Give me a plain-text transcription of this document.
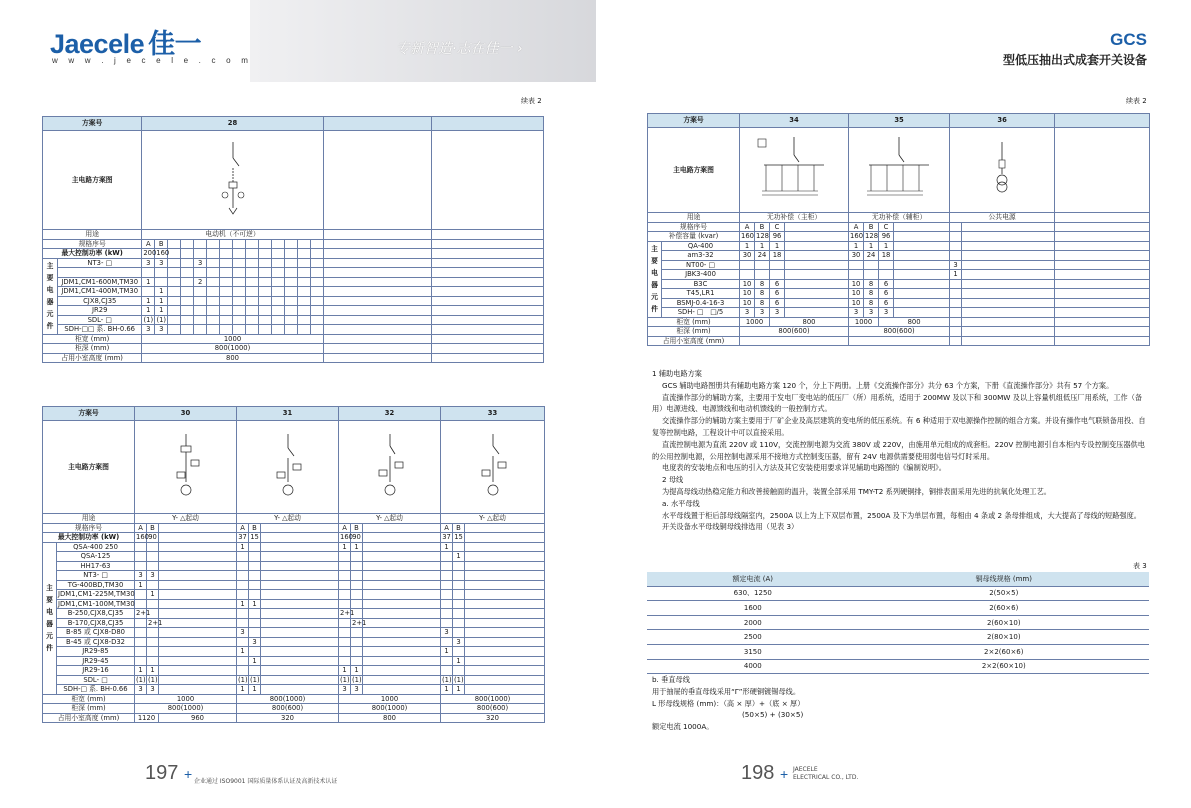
Jaecele 佳一
w w w . j e c e l e . c o m
专新智造·志在佳一 ›	GCS
型低压抽出式成套开关设备
续表 2	续表 2
方案号		28															
主电路方案图	

用途		电动机（不可逆）															
规格序号		A	B														
最大控制功率 (kW)		200	160														
主要电器元件	NT3- □	3	3			3											

	JDM1,CM1-600M,TM30	1				2											
	JDM1,CM1-400M,TM30		1														
	CJX8,CJ35	1	1														
	JR29	1	1														
	SDL- □	(1)	(1)														
	SDH-□□ 系. BH-0.66	3	3														
柜宽 (mm)		1000															
柜深 (mm)		800(1000)															
占用小室高度 (mm)		800															
方案号		30			31			32			33		
主电路方案图	

用途		Y- △起动			Y- △起动			Y- △起动			Y- △起动		
规格序号		A	B		A	B		A	B		A	B	
最大控制功率 (kW)		160	90		37	15		160	90		37	15	
主要电器元件	QSA-400 250				1			1	1		1		
	QSA-125											1	
	HH17-63												
	NT3- □	3	3										
	TG-400BD,TM30	1											
	JDM1,CM1-225M,TM30		1										
	JDM1,CM1-100M,TM30				1	1							
	B-250,CJX8,CJ35	2+1						2+1					
	B-170,CJX8,CJ35		2+1						2+1				
	B-85 或 CJX8-D80				3						3		
	B-45 或 CJX8-D32					3						3	
	JR29-85				1						1		
	JR29-45					1						1	
	JR29-16	1	1					1	1				
	SDL- □	(1)	(1)		(1)	(1)		(1)	(1)		(1)	(1)	
	SDH-□ 系. BH-0.66	3	3		1	1		3	3		1	1	
柜宽 (mm)		1000			800(1000)			1000			800(1000)		
柜深 (mm)		800(1000)			800(600)			800(1000)			800(600)		
占用小室高度 (mm)		1120		960	320			800			320		
方案号		34				35				36		
主电路方案图	

用途		无功补偿（主柜）				无功补偿（辅柜）				公共电源		
规格序号		A	B	C		A	B	C				
补偿容量 (kvar)		160	128	96		160	128	96				
主要电器元件	QA-400	1	1	1		1	1	1				
	am3-32	30	24	18		30	24	18				
	NT00- □									3		
	JBK3-400									1		
	B3C	10	8	6		10	8	6				
	T45,LR1	10	8	6		10	8	6				
	BSMJ-0.4-16-3	10	8	6		10	8	6				
	SDH- □　□/5	3	3	3		3	3	3				
柜宽 (mm)		1000		800		1000		800				
柜深 (mm)		800(600)				800(600)						
占用小室高度 (mm)												

1 辅助电路方案

GCS 辅助电路图册共有辅助电路方案 120 个，分上下两册。上册《交流操作部分》共分 63 个方案，下册《直流操作部分》共有 57 个方案。

直流操作部分的辅助方案，主要用于发电厂变电站的低压厂（所）用系统，适用于 200MW 及以下和 300MW 及以上容量机组低压厂用系统，工作（备用）电源进线、电源馈线和电动机馈线的一般控制方式。

交流操作部分的辅助方案主要用于厂矿企业及高层建筑的变电所的低压系统。有 6 种适用于双电源操作控制的组合方案。并设有操作电气联锁备用投、自复等控制电路，工程设计中可以直接采用。

直流控制电源为直流 220V 或 110V，交流控制电源为交流 380V 或 220V，由施用单元组成的成套柜。220V 控制电源引自本柜内专设控制变压器供电的公用控制电源，公用控制电源采用不接地方式控制变压器，留有 24V 电源供需要使用弱电信号灯时采用。

电度表的安装地点和电压的引入方法及其它安装使用要求详见辅助电路图的《编制说明》。

2 母线

为提高母线动热稳定能力和改善接触面的温升，装置全部采用 TMY-T2 系列硬铜排，铜排表面采用先进的抗氧化处理工艺。

a. 水平母线

水平母线置于柜后部母线隔室内，2500A 以上为上下双层布置，2500A 及下为单层布置，每相由 4 条或 2 条母排组成，大大提高了母线的短路强度。

开关设备水平母线铜母线排选用（见表 3）

表 3
额定电流 (A)	铜母线规格 (mm)
630、1250	2(50×5)
1600	2(60×6)
2000	2(60×10)
2500	2(80×10)
3150	2×2(60×6)
4000	2×2(60×10)

b. 垂直母线

用于抽屉的垂直母线采用“Γ”形硬铜镀锡母线。

L 形母线规格 (mm)：（高 × 厚）+（底 × 厚）

(50×5) + (30×5)

额定电流 1000A。

197 + 企业通过 ISO9001 国际质量体系认证及高新技术认证	198 + JAECELE
ELECTRICAL CO., LTD.
